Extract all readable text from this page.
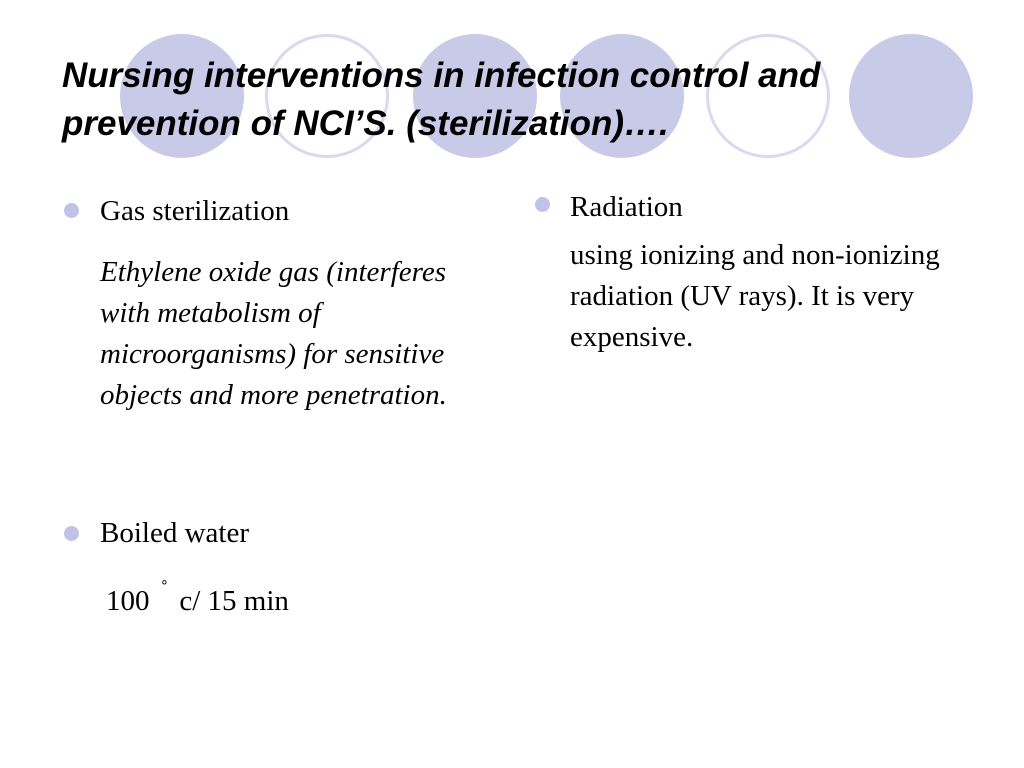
Nursing interventions in infection control and prevention of NCI’S. (sterilization)….

Gas sterilization

Ethylene oxide gas (interferes with metabolism of microorganisms) for sensitive objects and more penetration.

Boiled water

100 ˚ c/ 15 min

Radiation

using ionizing and non-ionizing radiation (UV rays). It is very expensive.
